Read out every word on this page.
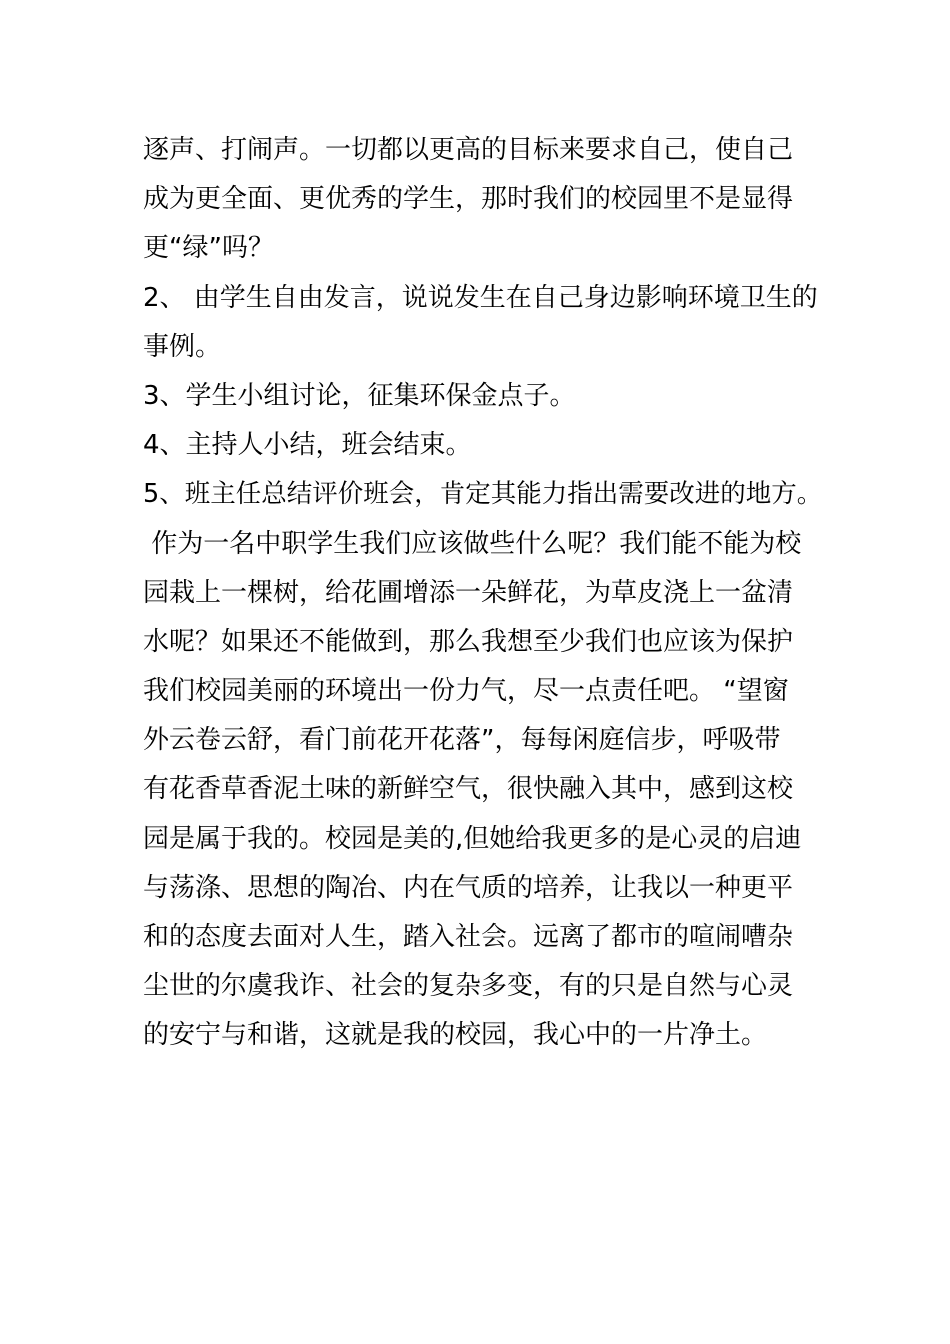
逐声、打闹声。一切都以更高的目标来要求自己，使自己
成为更全面、更优秀的学生，那时我们的校园里不是显得
更“绿”吗？
2、 由学生自由发言，说说发生在自己身边影响环境卫生的
事例。
3、学生小组讨论，征集环保金点子。
4、主持人小结，班会结束。
5、班主任总结评价班会，肯定其能力指出需要改进的地方。
作为一名中职学生我们应该做些什么呢？我们能不能为校
园栽上一棵树，给花圃增添一朵鲜花，为草皮浇上一盆清
水呢？如果还不能做到，那么我想至少我们也应该为保护
我们校园美丽的环境出一份力气，尽一点责任吧。 “望窗
外云卷云舒，看门前花开花落”，每每闲庭信步，呼吸带
有花香草香泥土味的新鲜空气，很快融入其中，感到这校
园是属于我的。校园是美的,但她给我更多的是心灵的启迪
与荡涤、思想的陶冶、内在气质的培养，让我以一种更平
和的态度去面对人生，踏入社会。远离了都市的喧闹嘈杂
尘世的尔虞我诈、社会的复杂多变，有的只是自然与心灵
的安宁与和谐，这就是我的校园，我心中的一片净土。
